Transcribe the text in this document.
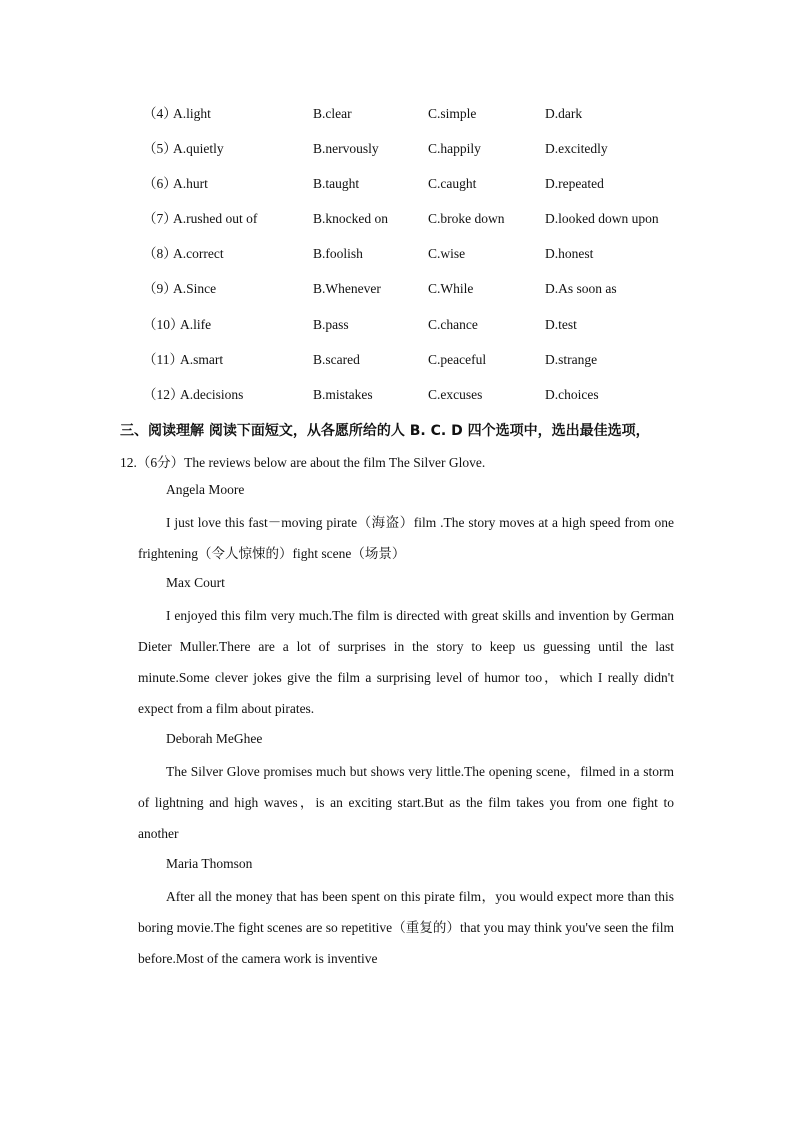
（4）
A.light	B.clear	C.simple	D.dark
（5）
A.quietly	B.nervously	C.happily	D.excitedly
（6）
A.hurt	B.taught	C.caught	D.repeated
（7）
A.rushed out of	B.knocked on	C.broke down	D.looked down upon
（8）
A.correct	B.foolish	C.wise	D.honest
（9）
A.Since	B.Whenever	C.While	D.As soon as
（10）
A.life	B.pass	C.chance	D.test
（11）
A.smart	B.scared	C.peaceful	D.strange
（12）
A.decisions	B.mistakes	C.excuses	D.choices
三、阅读理解 阅读下面短文，从各愿所给的人 B. C. D 四个选项中，选出最佳选项，
12.（6分）The reviews below are about the film The Silver Glove.
Angela Moore
I just love this fast－moving pirate（海盗）film .The story moves at a high speed from one frightening（令人惊悚的）fight scene（场景）
Max Court
I enjoyed this film very much.The film is directed with great skills and invention by German Dieter Muller.There are a lot of surprises in the story to keep us guessing until the last minute.Some clever jokes give the film a surprising level of humor too，which I really didn't expect from a film about pirates.
Deborah MeGhee
The Silver Glove promises much but shows very little.The opening scene，filmed in a storm of lightning and high waves，is an exciting start.But as the film takes you from one fight to another
Maria Thomson
After all the money that has been spent on this pirate film，you would expect more than this boring movie.The fight scenes are so repetitive（重复的）that you may think you've seen the film before.Most of the camera work is inventive
